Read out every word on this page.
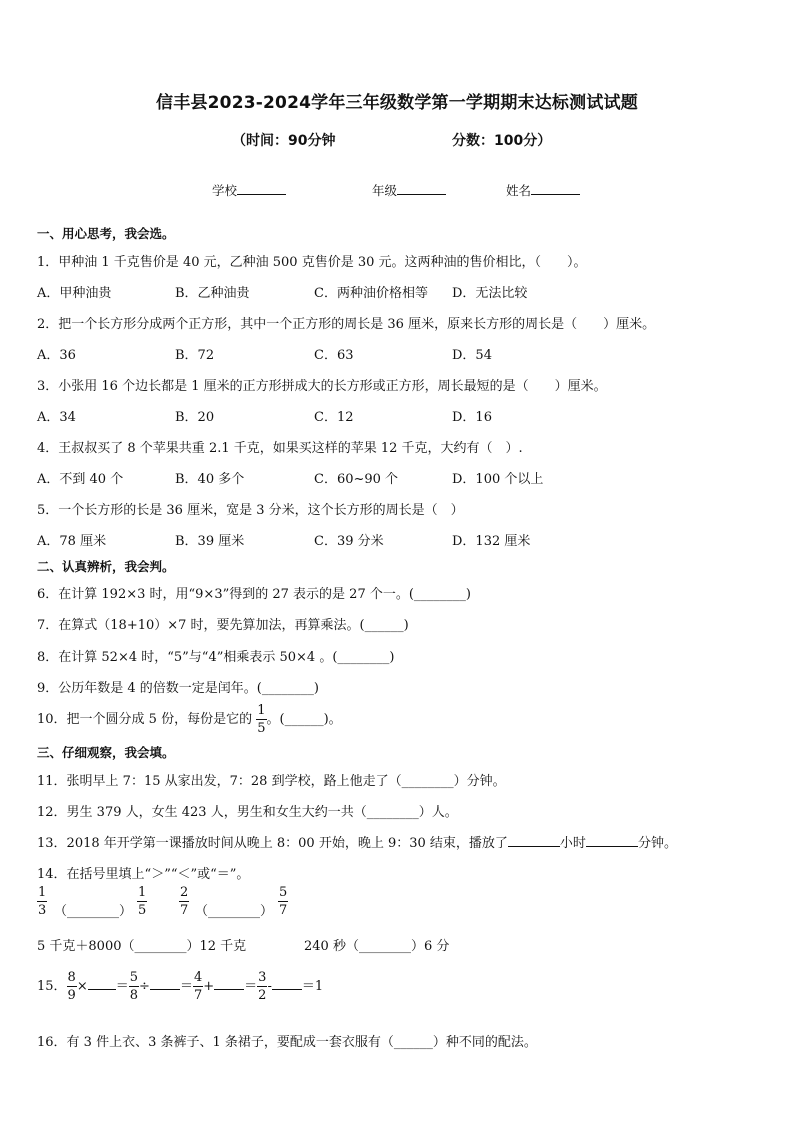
信丰县2023-2024学年三年级数学第一学期期末达标测试试题
（时间：90分钟	分数：100分）
学校	年级	姓名
一、用心思考，我会选。
1．甲种油 1 千克售价是 40 元，乙种油 500 克售价是 30 元。这两种油的售价相比，（　　）。
A．甲种油贵	B．乙种油贵	C．两种油价格相等 D．无法比较
2．把一个长方形分成两个正方形，其中一个正方形的周长是 36 厘米，原来长方形的周长是（　　）厘米。
A．36	B．72	C．63	D．54
3．小张用 16 个边长都是 1 厘米的正方形拼成大的长方形或正方形，周长最短的是（　　）厘米。
A．34	B．20	C．12	D．16
4．王叔叔买了 8 个苹果共重 2.1 千克，如果买这样的苹果 12 千克，大约有（　）.
A．不到 40 个	B．40 多个	C．60~90 个	D．100 个以上
5．一个长方形的长是 36 厘米，宽是 3 分米，这个长方形的周长是（　）
A．78 厘米	B．39 厘米	C．39 分米	D．132 厘米
二、认真辨析，我会判。
6．在计算 192×3 时，用“9×3”得到的 27 表示的是 27 个一。(________)
7．在算式（18+10）×7 时，要先算加法，再算乘法。(______)
8．在计算 52×4 时，“5”与“4”相乘表示 50×4 。(________)
9．公历年数是 4 的倍数一定是闰年。(________)
10．把一个圆分成 5 份，每份是它的 $\frac{1}{5}$ 。(______)。
三、仔细观察，我会填。
11．张明早上 7：15 从家出发，7：28 到学校，路上他走了（________）分钟。
12．男生 379 人，女生 423 人，男生和女生大约一共（________）人。
13．2018 年开学第一课播放时间从晚上 8：00 开始，晚上 9：30 结束，播放了	小时	分钟。
14．在括号里填上“＞”“＜”或“＝”。
$\frac{1}{3}$ （________） $\frac{1}{5} \frac{2}{7}$ （________） $\frac{5}{7}$
5 千克＋8000（________）12 千克	240 秒（________）6 分
15． $\frac{8}{9}$ × ＝ $\frac{5}{8}$ ÷ ＝ $\frac{4}{7}$ + ＝ $\frac{3}{2} - =1$
16．有 3 件上衣、3 条裤子、1 条裙子，要配成一套衣服有（______）种不同的配法。
